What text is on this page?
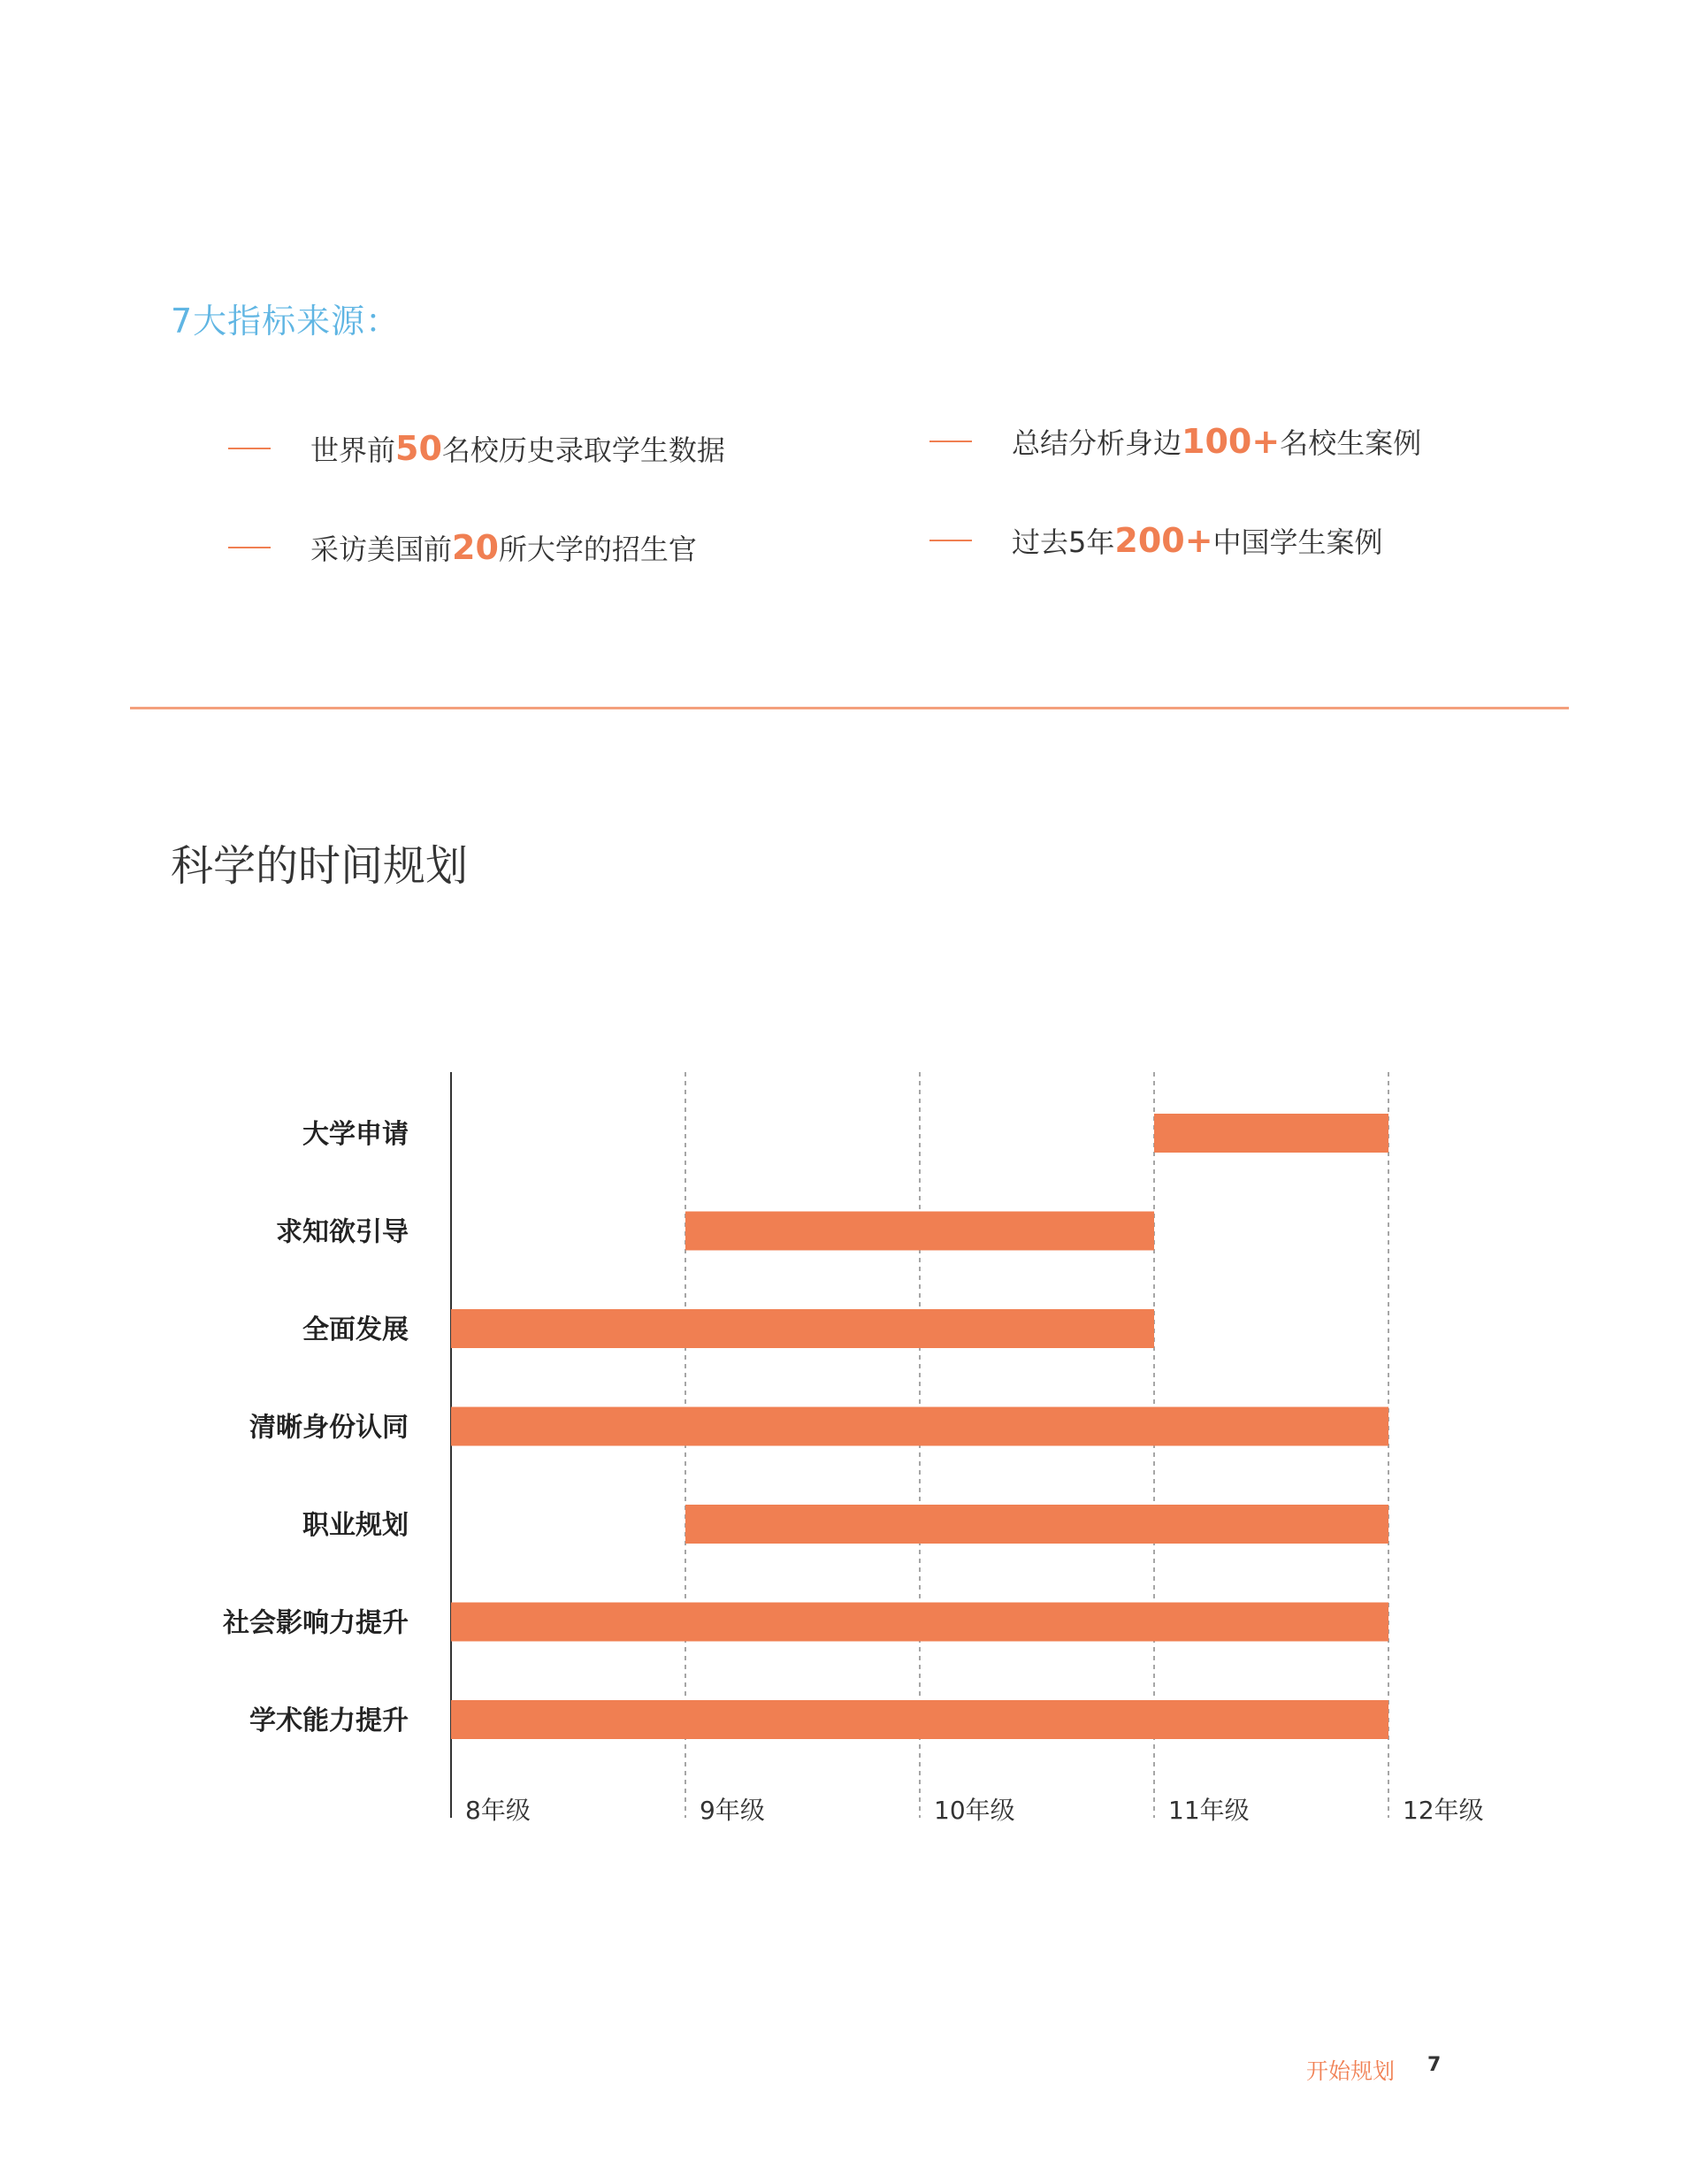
7大指标来源：
世界前 50 名校历史录取学生数据	总结分析身边 100+ 名校生案例
采访美国前 20 所大学的招生官	过去5年 200+ 中国学生案例
科学的时间规划
8年级	9年级	10年级	11年级	12年级
大学申请
求知欲引导
全面发展
清晰身份认同
职业规划
社会影响力提升
学术能力提升
开始规划 7
